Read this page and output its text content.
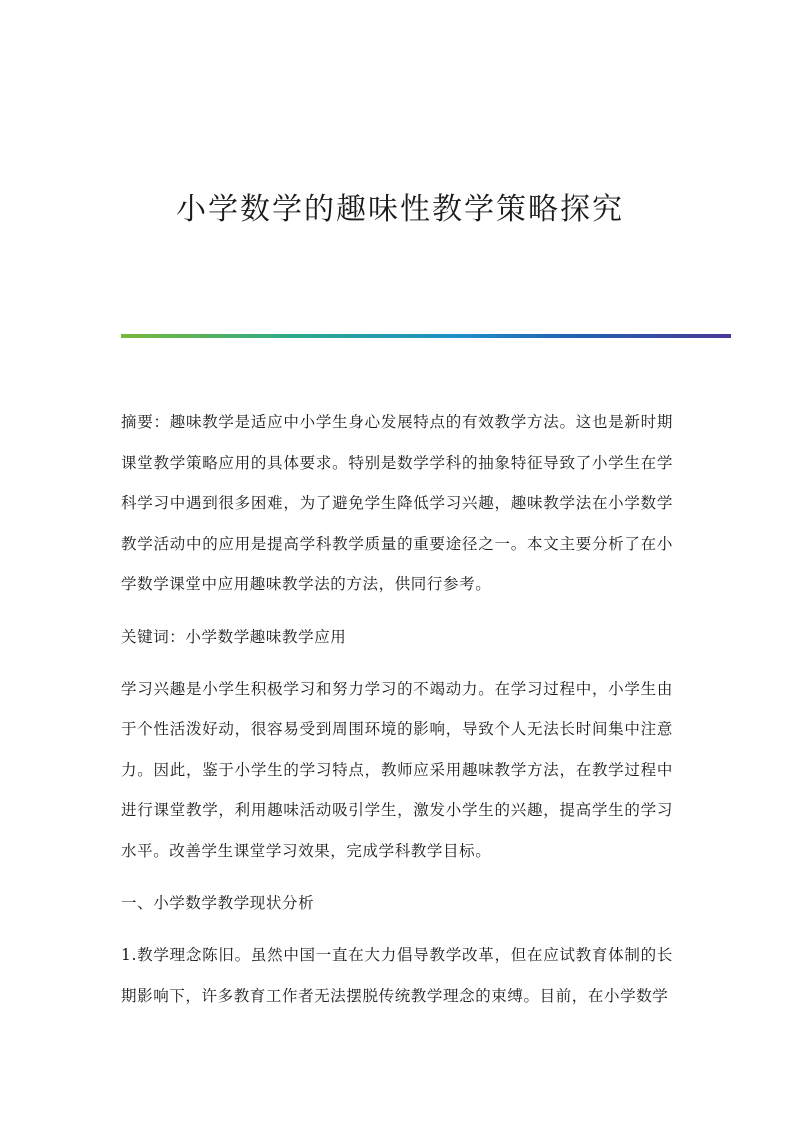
小学数学的趣味性教学策略探究

摘要：趣味教学是适应中小学生身心发展特点的有效教学方法。这也是新时期课堂教学策略应用的具体要求。特别是数学学科的抽象特征导致了小学生在学科学习中遇到很多困难，为了避免学生降低学习兴趣，趣味教学法在小学数学教学活动中的应用是提高学科教学质量的重要途径之一。本文主要分析了在小学数学课堂中应用趣味教学法的方法，供同行参考。

关键词：小学数学趣味教学应用

学习兴趣是小学生积极学习和努力学习的不竭动力。在学习过程中，小学生由于个性活泼好动，很容易受到周围环境的影响，导致个人无法长时间集中注意力。因此，鉴于小学生的学习特点，教师应采用趣味教学方法，在教学过程中进行课堂教学，利用趣味活动吸引学生，激发小学生的兴趣，提高学生的学习水平。改善学生课堂学习效果，完成学科教学目标。

一、小学数学教学现状分析

1.教学理念陈旧。虽然中国一直在大力倡导教学改革，但在应试教育体制的长期影响下，许多教育工作者无法摆脱传统教学理念的束缚。目前，在小学数学
